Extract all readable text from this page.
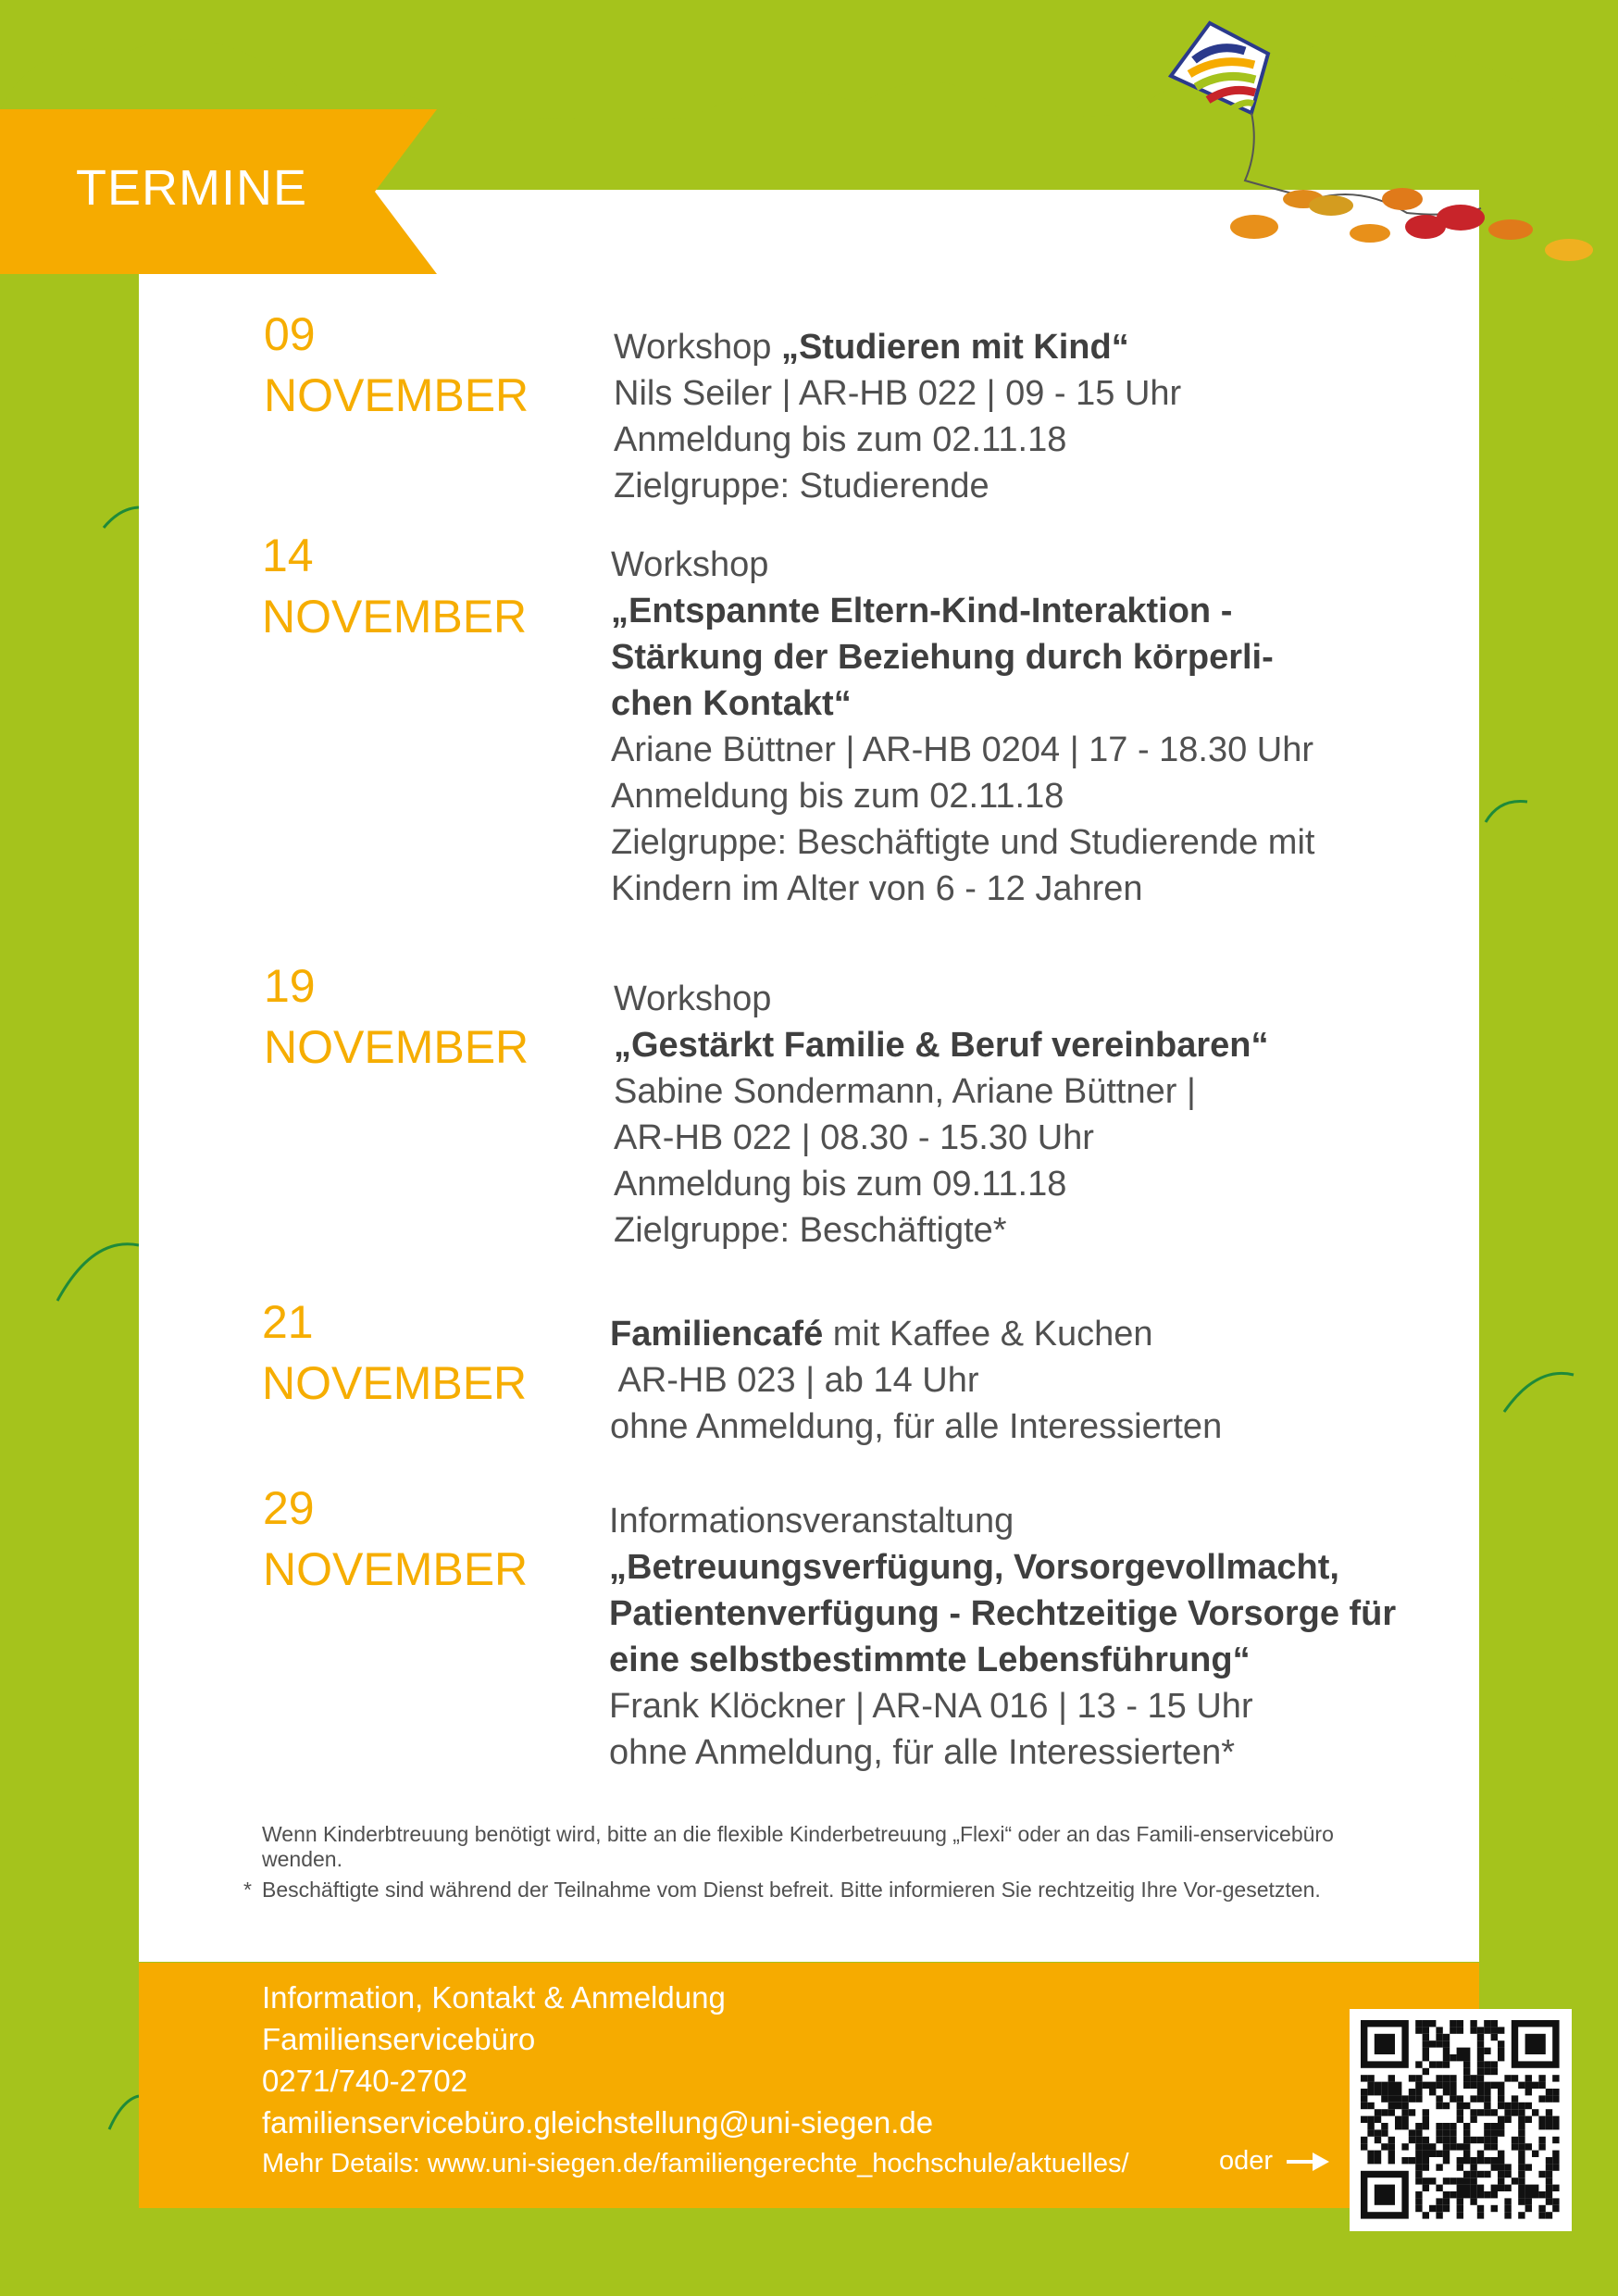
TERMINE
09
NOVEMBER
Workshop „Studieren mit Kind“
Nils Seiler | AR-HB 022 | 09 - 15 Uhr
Anmeldung bis zum 02.11.18
Zielgruppe: Studierende
14
NOVEMBER
Workshop
„Entspannte Eltern-Kind-Interaktion -
Stärkung der Beziehung durch körperli-
chen Kontakt“
Ariane Büttner | AR-HB 0204 | 17 - 18.30 Uhr
Anmeldung bis zum 02.11.18
Zielgruppe: Beschäftigte und Studierende mit
Kindern im Alter von 6 - 12 Jahren
19
NOVEMBER
Workshop
„Gestärkt Familie & Beruf vereinbaren“
Sabine Sondermann, Ariane Büttner |
AR-HB 022 | 08.30 - 15.30 Uhr
Anmeldung bis zum 09.11.18
Zielgruppe: Beschäftigte*
21
NOVEMBER
Familiencafé mit Kaffee & Kuchen
AR-HB 023 | ab 14 Uhr
ohne Anmeldung, für alle Interessierten
29
NOVEMBER
Informationsveranstaltung
„Betreuungsverfügung, Vorsorgevollmacht,
Patientenverfügung - Rechtzeitige Vorsorge für
eine selbstbestimmte Lebensführung“
Frank Klöckner | AR-NA 016 | 13 - 15 Uhr
ohne Anmeldung, für alle Interessierten*

Wenn Kinderbtreuung benötigt wird, bitte an die flexible Kinderbetreuung „Flexi“ oder an das Famili-enservicebüro wenden.

* Beschäftigte sind während der Teilnahme vom Dienst befreit. Bitte informieren Sie rechtzeitig Ihre Vor-gesetzten.

Information, Kontakt & Anmeldung
Familienservicebüro
0271/740-2702
familienservicebüro.gleichstellung@uni-siegen.de
Mehr Details: www.uni-siegen.de/familiengerechte_hochschule/aktuelles/	oder
